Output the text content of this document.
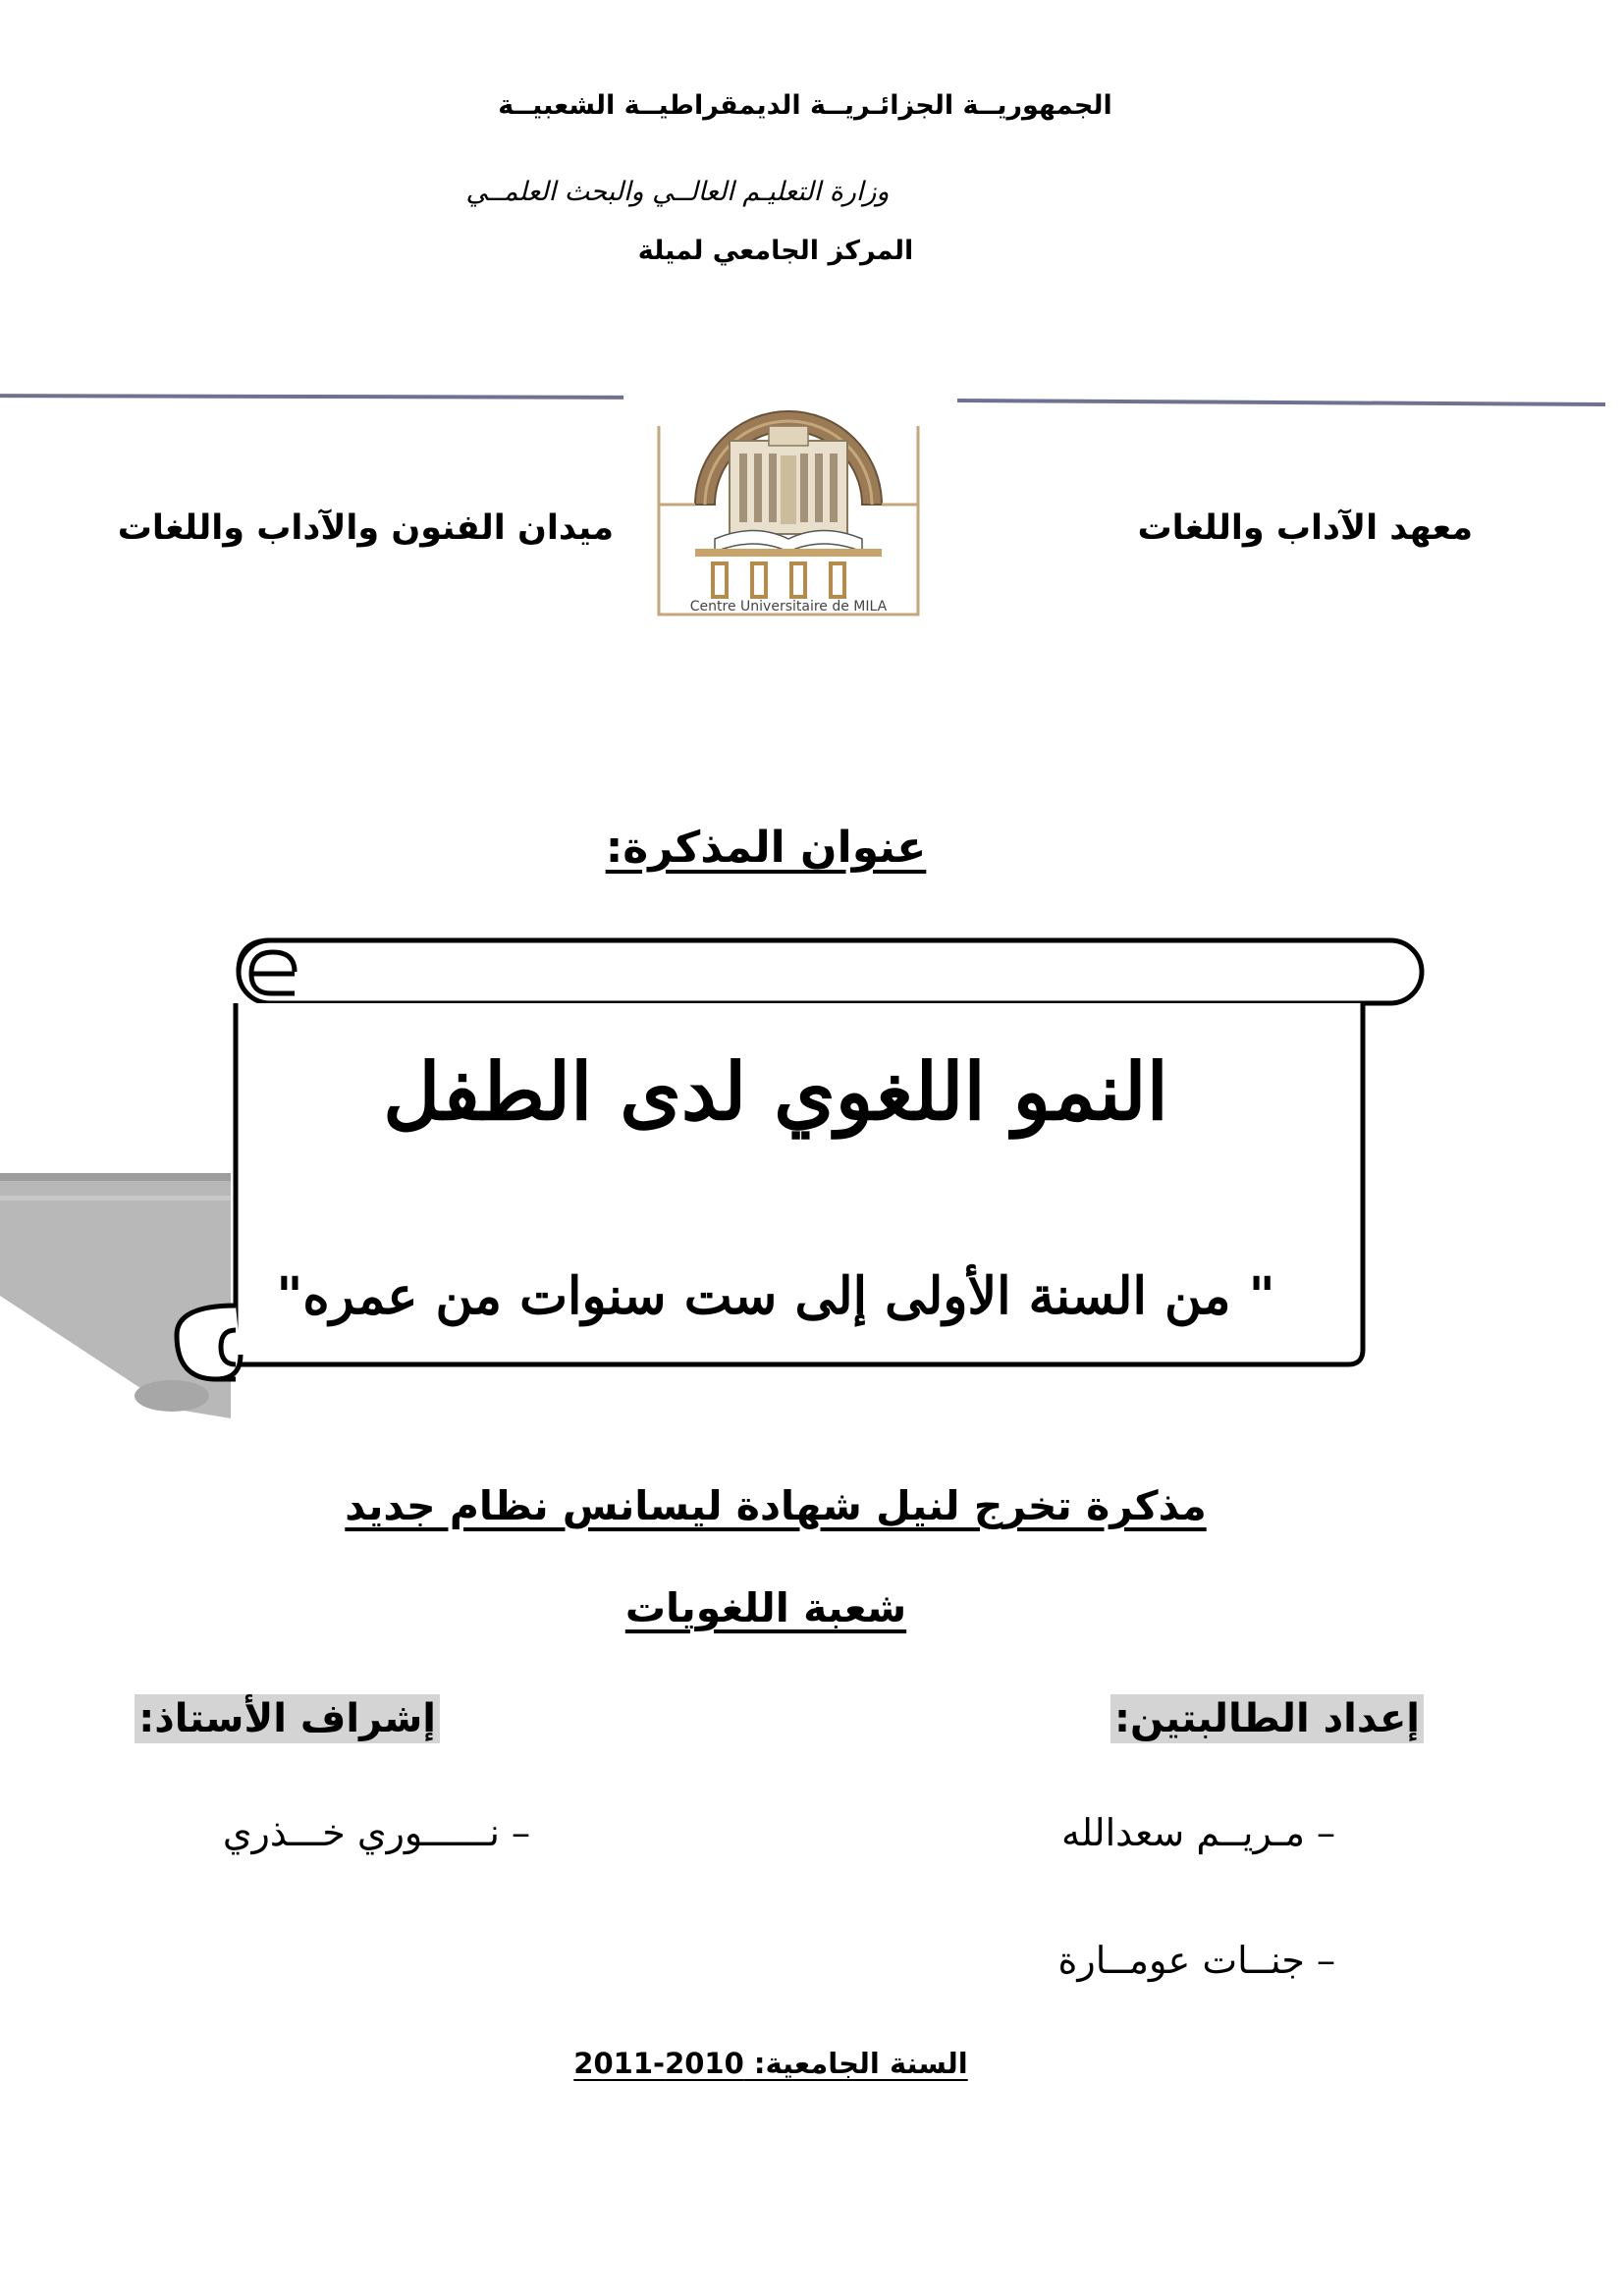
الجمهوريــة الجزائـريــة الديمقراطيــة الشعبيــة
وزارة التعليـم العالــي والبحث العلمــي
المركز الجامعي لميلة
معهد الآداب واللغات
ميدان الفنون والآداب واللغات
Centre Universitaire de MILA
عنوان المذكرة:
النمو اللغوي لدى الطفل
" من السنة الأولى إلى ست سنوات من عمره"
مذكرة تخرج لنيل شهادة ليسانس نظام جديد
شعبة اللغويات
إعداد الطالبتين:
إشراف الأستاذ:
– مـريــم سعدالله
– جنــات عومــارة
– نــــــوري خـــذري
السنة الجامعية: 2010-2011
